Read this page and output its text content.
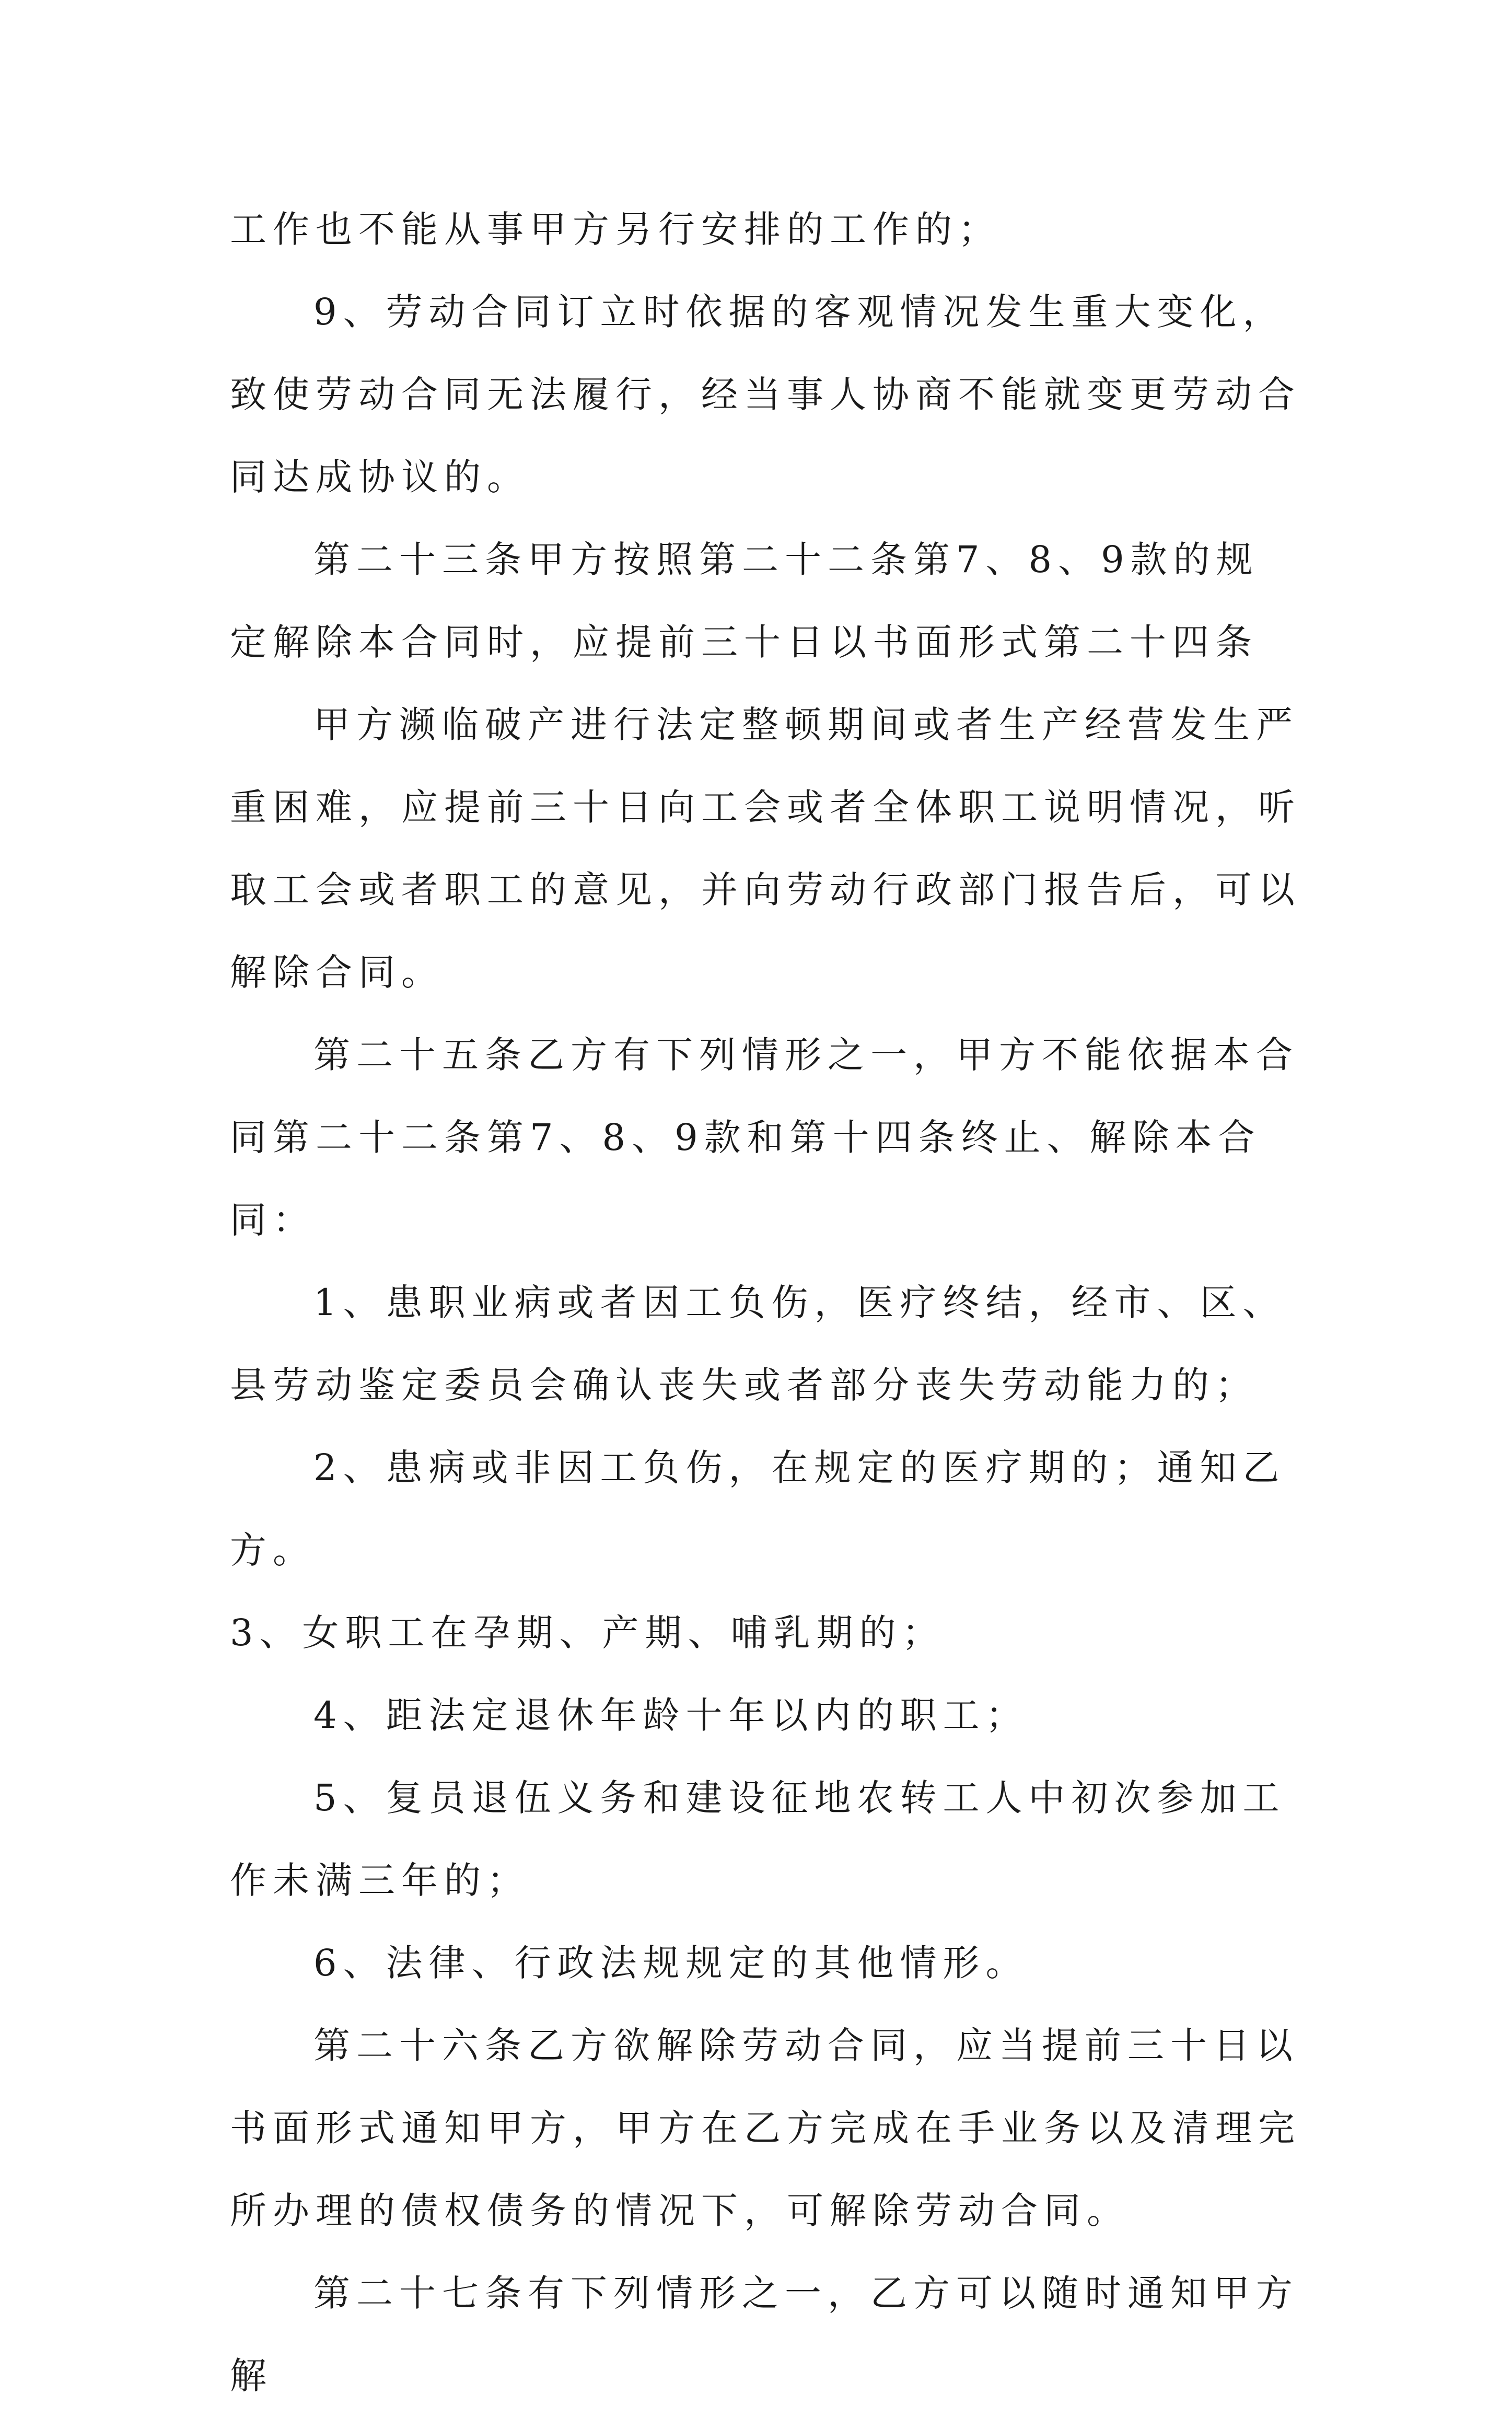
工作也不能从事甲方另行安排的工作的；

9、劳动合同订立时依据的客观情况发生重大变化，致使劳动合同无法履行，经当事人协商不能就变更劳动合同达成协议的。

第二十三条甲方按照第二十二条第7、8、9款的规定解除本合同时，应提前三十日以书面形式第二十四条

甲方濒临破产进行法定整顿期间或者生产经营发生严重困难，应提前三十日向工会或者全体职工说明情况，听取工会或者职工的意见，并向劳动行政部门报告后，可以解除合同。

第二十五条乙方有下列情形之一，甲方不能依据本合同第二十二条第7、8、9款和第十四条终止、解除本合同：

1、患职业病或者因工负伤，医疗终结，经市、区、县劳动鉴定委员会确认丧失或者部分丧失劳动能力的；

2、患病或非因工负伤，在规定的医疗期的；通知乙方。

3、女职工在孕期、产期、哺乳期的；

4、距法定退休年龄十年以内的职工；

5、复员退伍义务和建设征地农转工人中初次参加工作未满三年的；

6、法律、行政法规规定的其他情形。

第二十六条乙方欲解除劳动合同，应当提前三十日以书面形式通知甲方，甲方在乙方完成在手业务以及清理完所办理的债权债务的情况下，可解除劳动合同。

第二十七条有下列情形之一，乙方可以随时通知甲方解
